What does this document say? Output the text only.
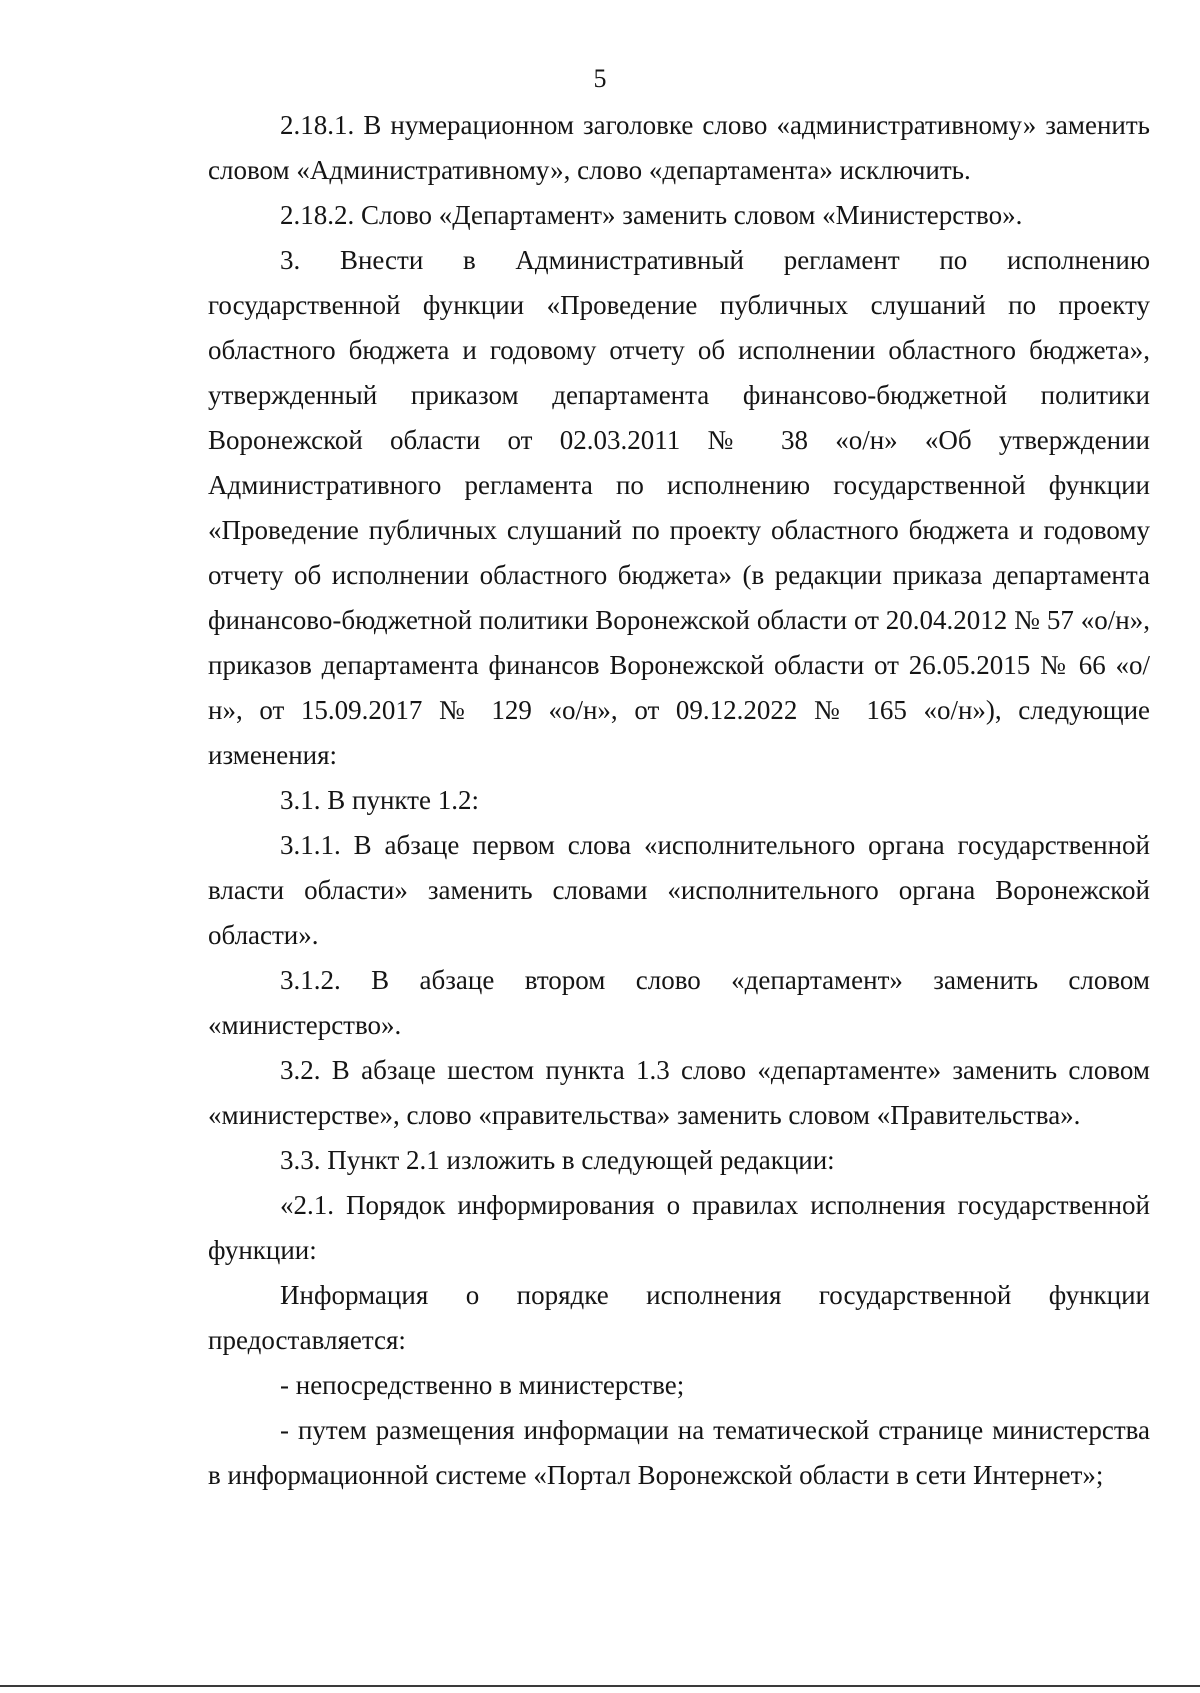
5

2.18.1. В нумерационном заголовке слово «административному» заменить словом «Административному», слово «департамента» исключить.

2.18.2. Слово «Департамент» заменить словом «Министерство».

3. Внести в Административный регламент по исполнению государственной функции «Проведение публичных слушаний по проекту областного бюджета и годовому отчету об исполнении областного бюджета», утвержденный приказом департамента финансово-бюджетной политики Воронежской области от 02.03.2011 № 38 «о/н» «Об утверждении Административного регламента по исполнению государственной функции «Проведение публичных слушаний по проекту областного бюджета и годовому отчету об исполнении областного бюджета» (в редакции приказа департамента финансово-бюджетной политики Воронежской области от 20.04.2012 № 57 «о/н», приказов департамента финансов Воронежской области от 26.05.2015 № 66 «о/н», от 15.09.2017 № 129 «о/н», от 09.12.2022 № 165 «о/н»), следующие изменения:

3.1. В пункте 1.2:

3.1.1. В абзаце первом слова «исполнительного органа государственной власти области» заменить словами «исполнительного органа Воронежской области».

3.1.2. В абзаце втором слово «департамент» заменить словом «министерство».

3.2. В абзаце шестом пункта 1.3 слово «департаменте» заменить словом «министерстве», слово «правительства» заменить словом «Правительства».

3.3. Пункт 2.1 изложить в следующей редакции:

«2.1. Порядок информирования о правилах исполнения государственной функции:

Информация о порядке исполнения государственной функции предоставляется:

- непосредственно в министерстве;

- путем размещения информации на тематической странице министерства в информационной системе «Портал Воронежской области в сети Интернет»;
